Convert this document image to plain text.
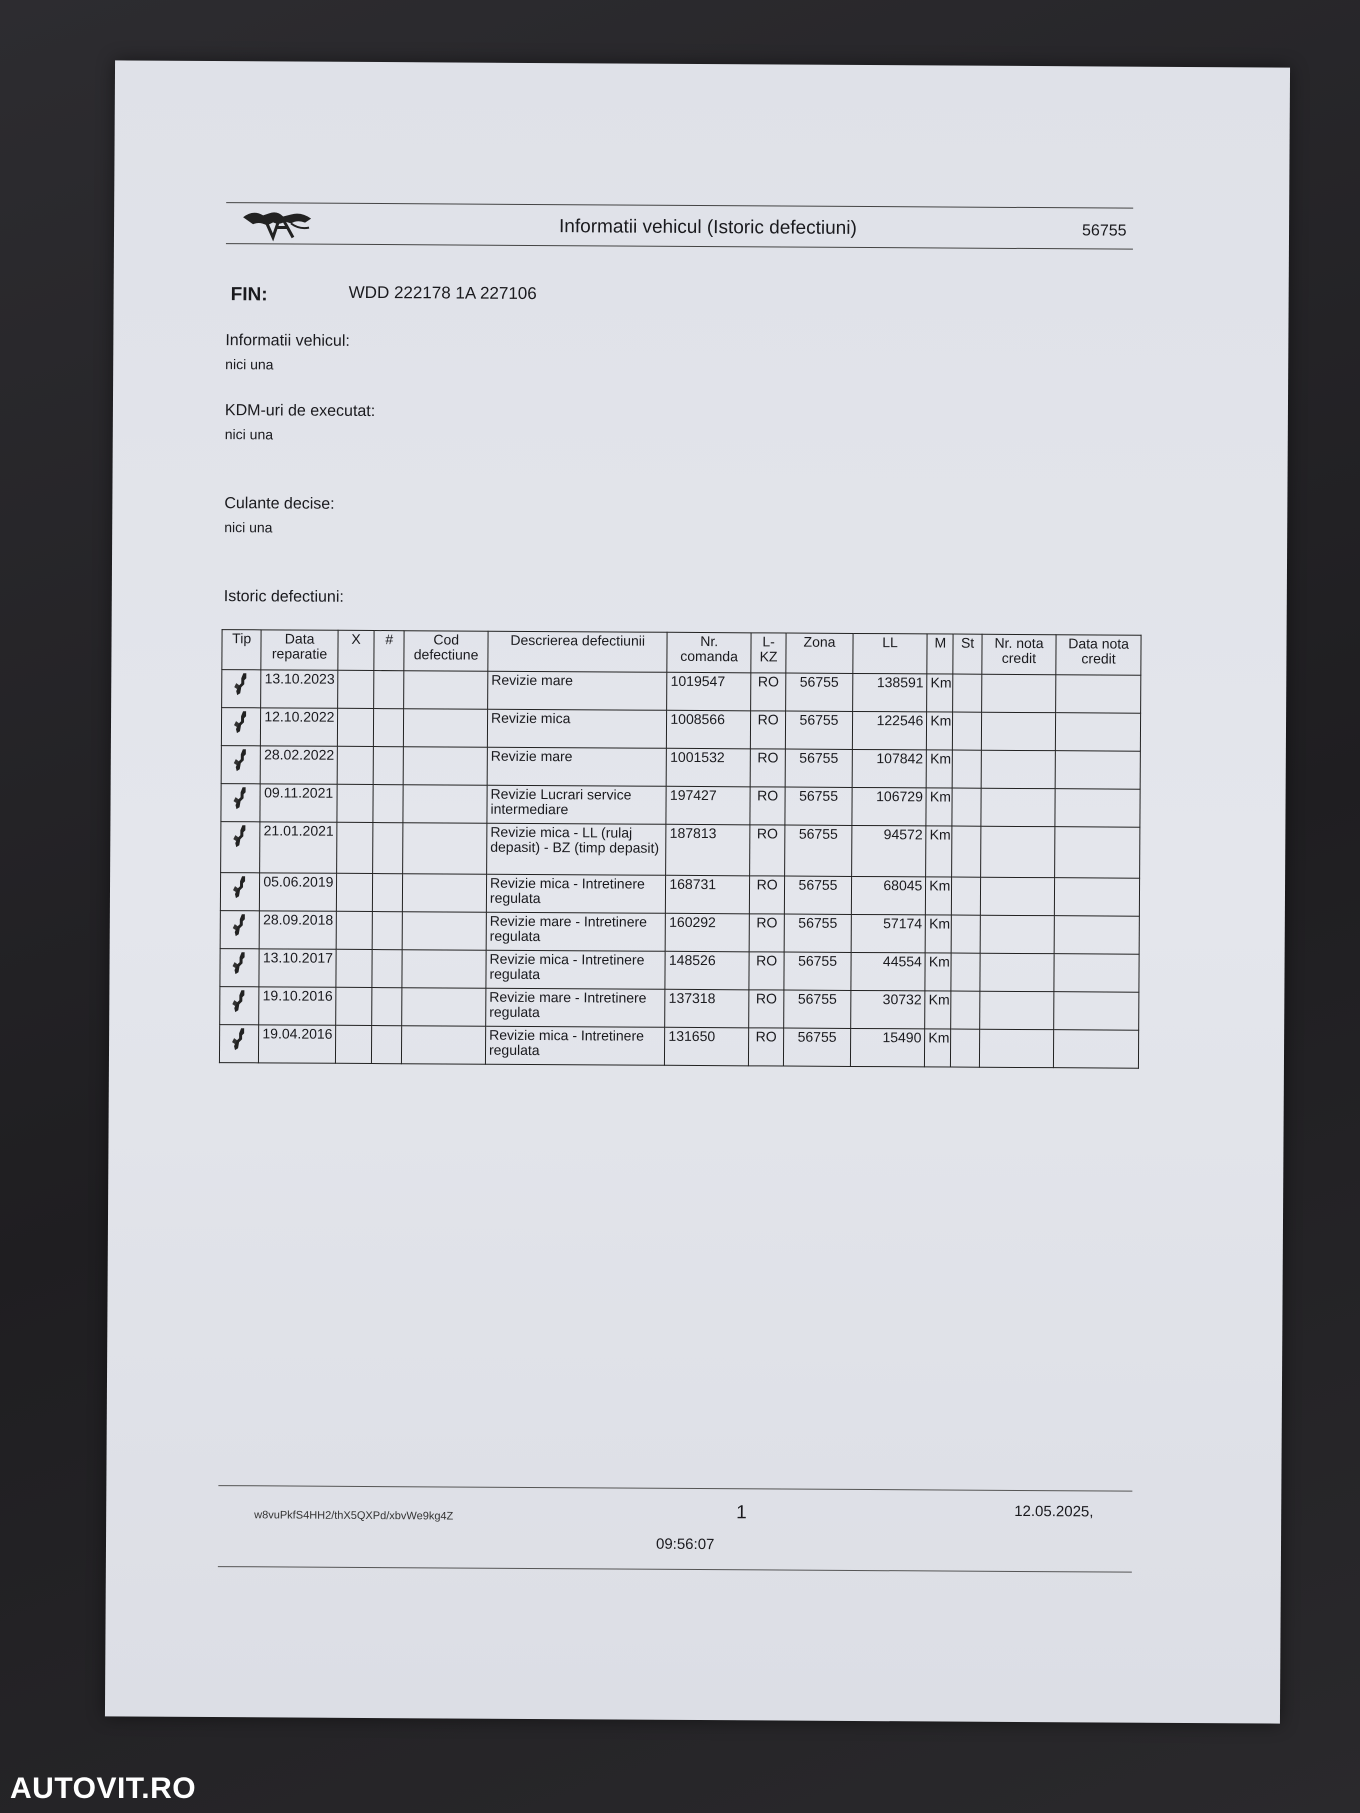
Informatii vehicul (Istoric defectiuni)	56755
FIN:	WDD 222178 1A 227106
Informatii vehicul:
nici una
KDM-uri de executat:
nici una
Culante decise:
nici una
Istoric defectiuni:
Tip	Data reparatie	X	#	Cod defectiune	Descrierea defectiunii	Nr. comanda	L-KZ	Zona	LL	M	St	Nr. nota credit	Data nota credit
	13.10.2023				Revizie mare	1019547	RO	56755	138591	Km			
	12.10.2022				Revizie mica	1008566	RO	56755	122546	Km			
	28.02.2022				Revizie mare	1001532	RO	56755	107842	Km			
	09.11.2021				Revizie Lucrari service intermediare	197427	RO	56755	106729	Km			
	21.01.2021				Revizie mica - LL (rulaj depasit) - BZ (timp depasit)	187813	RO	56755	94572	Km			
	05.06.2019				Revizie mica - Intretinere regulata	168731	RO	56755	68045	Km			
	28.09.2018				Revizie mare - Intretinere regulata	160292	RO	56755	57174	Km			
	13.10.2017				Revizie mica - Intretinere regulata	148526	RO	56755	44554	Km			
	19.10.2016				Revizie mare - Intretinere regulata	137318	RO	56755	30732	Km			
	19.04.2016				Revizie mica - Intretinere regulata	131650	RO	56755	15490	Km			
w8vuPkfS4HH2/thX5QXPd/xbvWe9kg4Z	1	12.05.2025,
09:56:07
AUTOVIT.RO
